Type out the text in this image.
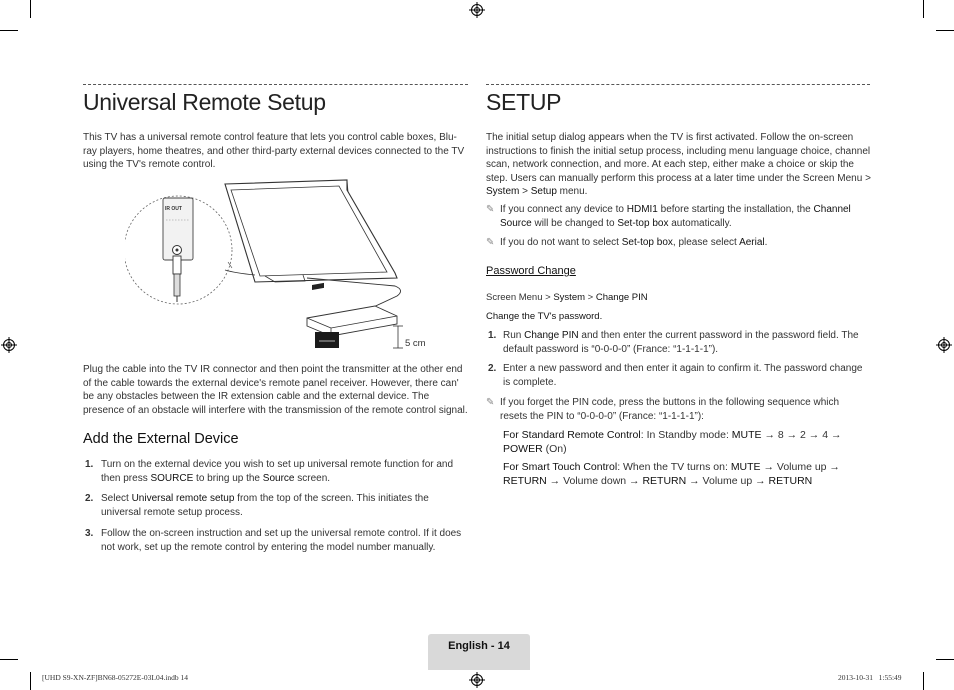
Universal Remote Setup
This TV has a universal remote control feature that lets you control cable boxes, Blu-ray players, home theatres, and other third-party external devices connected to the TV using the TV's remote control.
IR OUT
5 cm
Plug the cable into the TV IR connector and then point the transmitter at the other end of the cable towards the external device's remote panel receiver. However, there can' be any obstacles between the IR extension cable and the external device. The presence of an obstacle will interfere with the transmission of the remote control signal.
Add the External Device
1. Turn on the external device you wish to set up universal remote function for and then press SOURCE to bring up the Source screen.
2. Select Universal remote setup from the top of the screen. This initiates the universal remote setup process.
3. Follow the on-screen instruction and set up the universal remote control. If it does not work, set up the remote control by entering the model number manually.
SETUP
The initial setup dialog appears when the TV is first activated. Follow the on-screen instructions to finish the initial setup process, including menu language choice, channel scan, network connection, and more. At each step, either make a choice or skip the step. Users can manually perform this process at a later time under the Screen Menu > System > Setup menu.
✎ If you connect any device to HDMI1 before starting the installation, the Channel Source will be changed to Set-top box automatically.
✎ If you do not want to select Set-top box, please select Aerial.
Password Change
Screen Menu > System > Change PIN
Change the TV's password.
1. Run Change PIN and then enter the current password in the password field. The default password is “0-0-0-0” (France: “1-1-1-1”).
2. Enter a new password and then enter it again to confirm it. The password change is complete.
✎ If you forget the PIN code, press the buttons in the following sequence which resets the PIN to “0-0-0-0” (France: “1-1-1-1”):
For Standard Remote Control: In Standby mode: MUTE → 8 → 2 → 4 → POWER (On)
For Smart Touch Control: When the TV turns on: MUTE → Volume up → RETURN → Volume down → RETURN → Volume up → RETURN
English - 14
[UHD S9-XN-ZF]BN68-05272E-03L04.indb 14	2013-10-31   1:55:49
